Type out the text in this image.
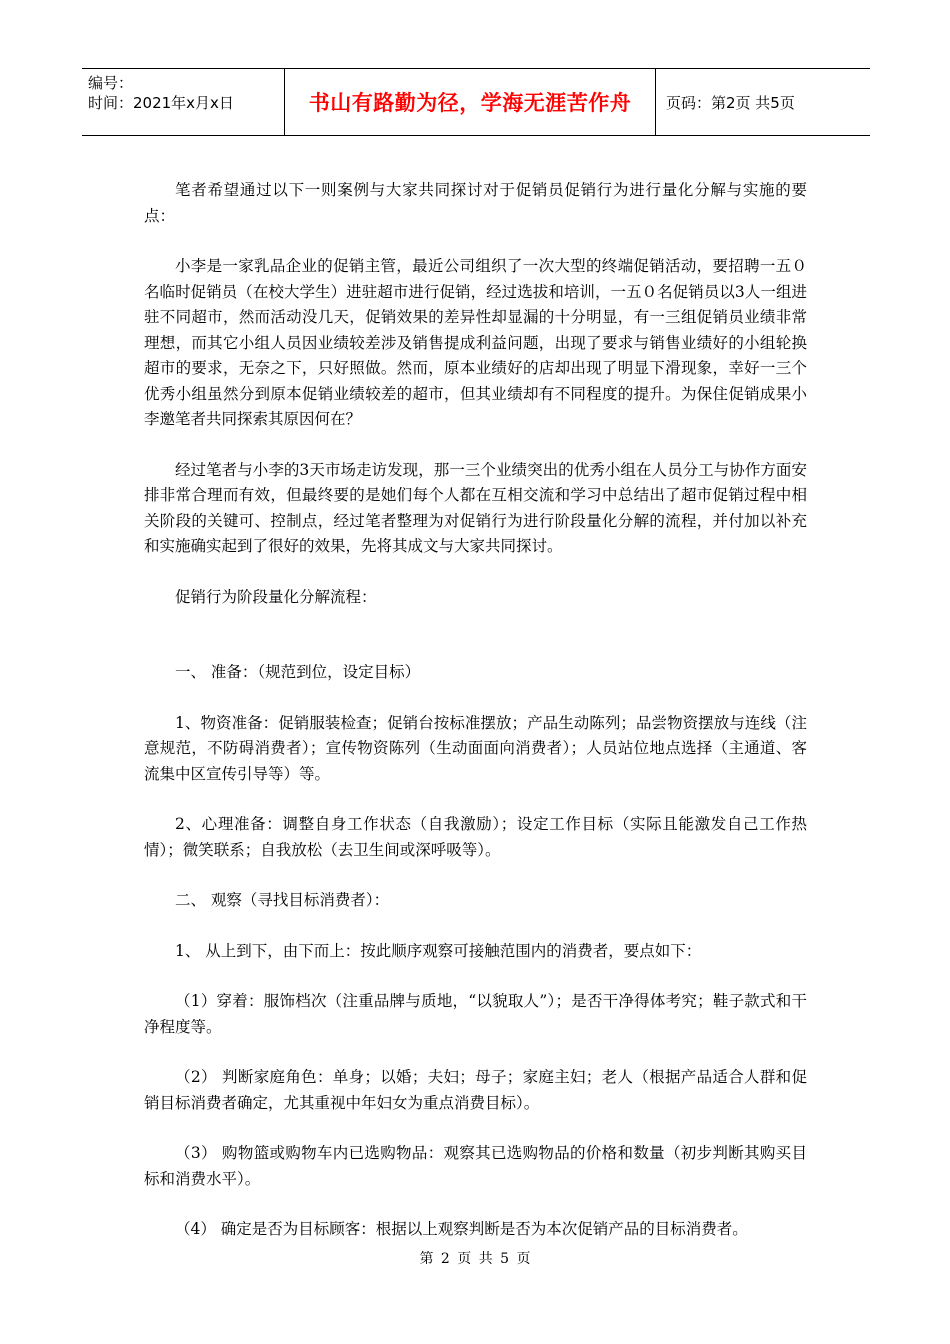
编号：
时间：2021年x月x日	书山有路勤为径，学海无涯苦作舟 页码：第2页 共5页

笔者希望通过以下一则案例与大家共同探讨对于促销员促销行为进行量化分解与实施的要点：

小李是一家乳品企业的促销主管，最近公司组织了一次大型的终端促销活动，要招聘一五０名临时促销员（在校大学生）进驻超市进行促销，经过选拔和培训，一五０名促销员以3人一组进驻不同超市，然而活动没几天，促销效果的差异性却显漏的十分明显，有一三组促销员业绩非常理想，而其它小组人员因业绩较差涉及销售提成利益问题，出现了要求与销售业绩好的小组轮换超市的要求，无奈之下，只好照做。然而，原本业绩好的店却出现了明显下滑现象，幸好一三个优秀小组虽然分到原本促销业绩较差的超市，但其业绩却有不同程度的提升。为保住促销成果小李邀笔者共同探索其原因何在？

经过笔者与小李的3天市场走访发现，那一三个业绩突出的优秀小组在人员分工与协作方面安排非常合理而有效，但最终要的是她们每个人都在互相交流和学习中总结出了超市促销过程中相关阶段的关键可、控制点，经过笔者整理为对促销行为进行阶段量化分解的流程，并付加以补充和实施确实起到了很好的效果，先将其成文与大家共同探讨。

促销行为阶段量化分解流程：

一、 准备：（规范到位，设定目标）

1、物资准备：促销服装检查；促销台按标准摆放；产品生动陈列；品尝物资摆放与连线（注意规范，不防碍消费者）；宣传物资陈列（生动面面向消费者）；人员站位地点选择（主通道、客流集中区宣传引导等）等。

2、心理准备：调整自身工作状态（自我激励）；设定工作目标（实际且能激发自己工作热情）；微笑联系；自我放松（去卫生间或深呼吸等）。

二、 观察（寻找目标消费者）：

1、 从上到下，由下而上：按此顺序观察可接触范围内的消费者，要点如下：

（1）穿着：服饰档次（注重品牌与质地，“以貌取人”）；是否干净得体考究；鞋子款式和干净程度等。

（2） 判断家庭角色：单身；以婚；夫妇；母子；家庭主妇；老人（根据产品适合人群和促销目标消费者确定，尤其重视中年妇女为重点消费目标）。

（3） 购物篮或购物车内已选购物品：观察其已选购物品的价格和数量（初步判断其购买目标和消费水平）。

（4） 确定是否为目标顾客：根据以上观察判断是否为本次促销产品的目标消费者。

第 2 页 共 5 页
